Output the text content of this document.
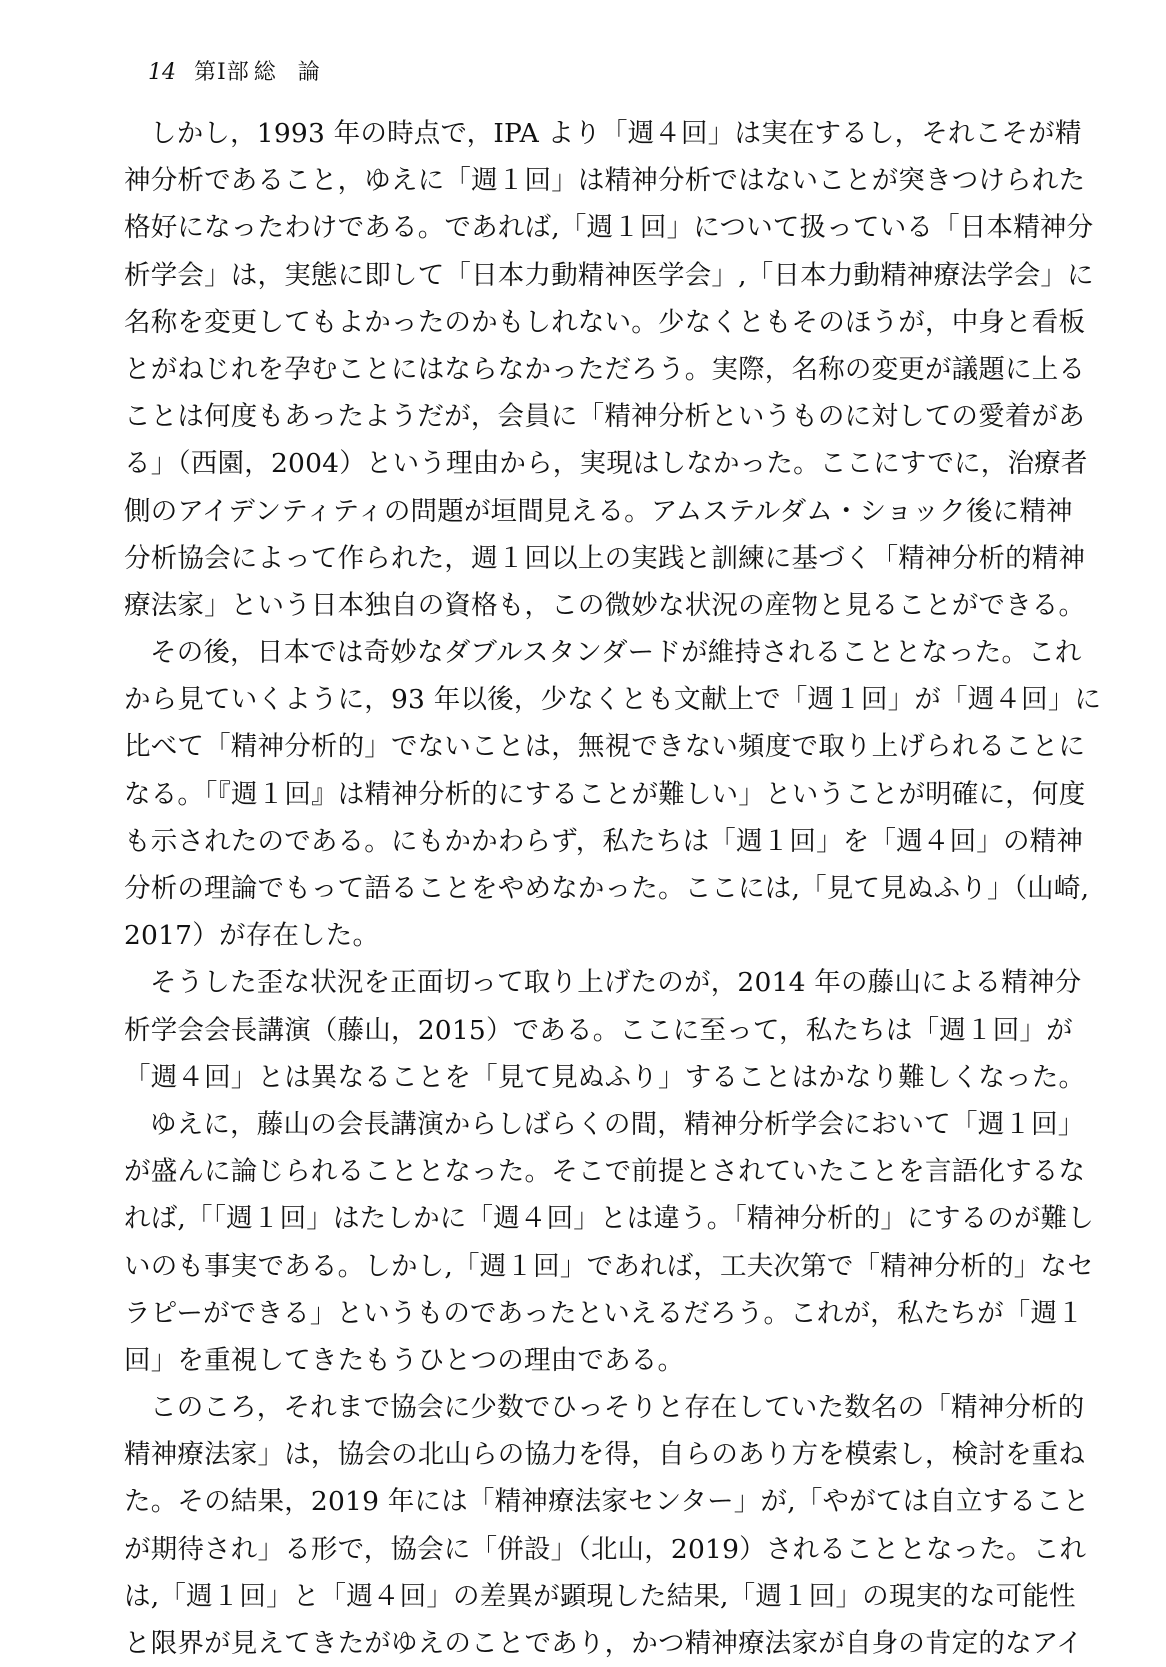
14 第Ⅰ部 総 論
しかし，1993 年の時点で，IPA より「週４回」は実在するし，それこそが精
神分析であること，ゆえに「週１回」は精神分析ではないことが突きつけられた
格好になったわけである。であれば,「週１回」について扱っている「日本精神分
析学会」は，実態に即して「日本力動精神医学会」,「日本力動精神療法学会」に
名称を変更してもよかったのかもしれない。少なくともそのほうが，中身と看板
とがねじれを孕むことにはならなかっただろう。実際，名称の変更が議題に上る
ことは何度もあったようだが，会員に「精神分析というものに対しての愛着があ
る」（西園，2004）という理由から，実現はしなかった。ここにすでに，治療者
側のアイデンティティの問題が垣間見える。アムステルダム・ショック後に精神
分析協会によって作られた，週１回以上の実践と訓練に基づく「精神分析的精神
療法家」という日本独自の資格も，この微妙な状況の産物と見ることができる。
その後，日本では奇妙なダブルスタンダードが維持されることとなった。これ
から見ていくように，93 年以後，少なくとも文献上で「週１回」が「週４回」に
比べて「精神分析的」でないことは，無視できない頻度で取り上げられることに
なる。「『週１回』は精神分析的にすることが難しい」ということが明確に，何度
も示されたのである。にもかかわらず，私たちは「週１回」を「週４回」の精神
分析の理論でもって語ることをやめなかった。ここには,「見て見ぬふり」（山崎,
2017）が存在した。
そうした歪な状況を正面切って取り上げたのが，2014 年の藤山による精神分
析学会会長講演（藤山，2015）である。ここに至って，私たちは「週１回」が
「週４回」とは異なることを「見て見ぬふり」することはかなり難しくなった。
ゆえに，藤山の会長講演からしばらくの間，精神分析学会において「週１回」
が盛んに論じられることとなった。そこで前提とされていたことを言語化するな
れば,「「週１回」はたしかに「週４回」とは違う。「精神分析的」にするのが難し
いのも事実である。しかし,「週１回」であれば，工夫次第で「精神分析的」なセ
ラピーができる」というものであったといえるだろう。これが，私たちが「週１
回」を重視してきたもうひとつの理由である。
このころ，それまで協会に少数でひっそりと存在していた数名の「精神分析的
精神療法家」は，協会の北山らの協力を得，自らのあり方を模索し，検討を重ね
た。その結果，2019 年には「精神療法家センター」が,「やがては自立すること
が期待され」る形で，協会に「併設」（北山，2019）されることとなった。これ
は,「週１回」と「週４回」の差異が顕現した結果,「週１回」の現実的な可能性
と限界が見えてきたがゆえのことであり，かつ精神療法家が自身の肯定的なアイ
